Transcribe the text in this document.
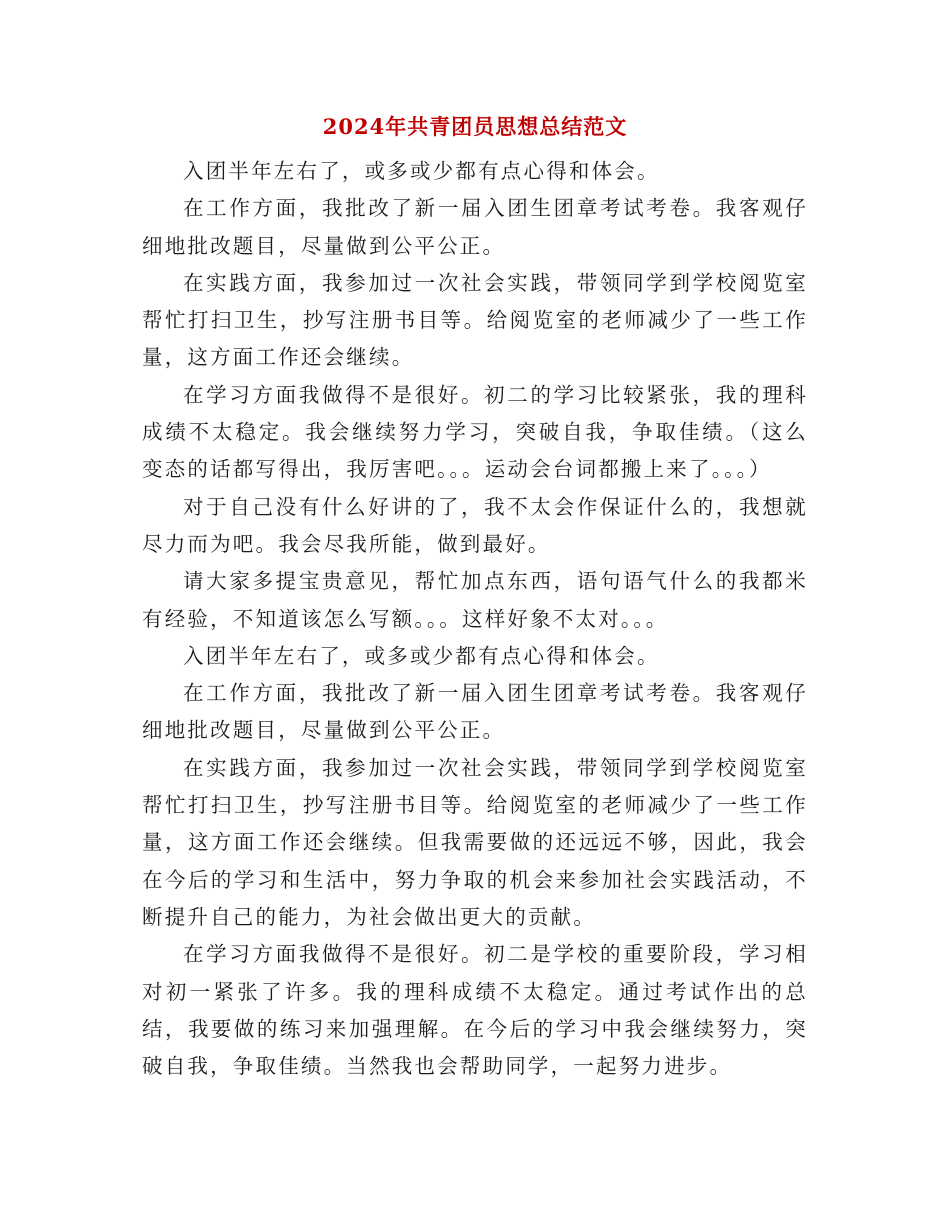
2024年共青团员思想总结范文

入团半年左右了，或多或少都有点心得和体会。

在工作方面，我批改了新一届入团生团章考试考卷。我客观仔细地批改题目，尽量做到公平公正。

在实践方面，我参加过一次社会实践，带领同学到学校阅览室帮忙打扫卫生，抄写注册书目等。给阅览室的老师减少了一些工作量，这方面工作还会继续。

在学习方面我做得不是很好。初二的学习比较紧张，我的理科成绩不太稳定。我会继续努力学习，突破自我，争取佳绩。（这么变态的话都写得出，我厉害吧。。。运动会台词都搬上来了。。。）

对于自己没有什么好讲的了，我不太会作保证什么的，我想就尽力而为吧。我会尽我所能，做到最好。

请大家多提宝贵意见，帮忙加点东西，语句语气什么的我都米有经验，不知道该怎么写额。。。这样好象不太对。。。

入团半年左右了，或多或少都有点心得和体会。

在工作方面，我批改了新一届入团生团章考试考卷。我客观仔细地批改题目，尽量做到公平公正。

在实践方面，我参加过一次社会实践，带领同学到学校阅览室帮忙打扫卫生，抄写注册书目等。给阅览室的老师减少了一些工作量，这方面工作还会继续。但我需要做的还远远不够，因此，我会在今后的学习和生活中，努力争取的机会来参加社会实践活动，不断提升自己的能力，为社会做出更大的贡献。

在学习方面我做得不是很好。初二是学校的重要阶段，学习相对初一紧张了许多。我的理科成绩不太稳定。通过考试作出的总结，我要做的练习来加强理解。在今后的学习中我会继续努力，突破自我，争取佳绩。当然我也会帮助同学，一起努力进步。
